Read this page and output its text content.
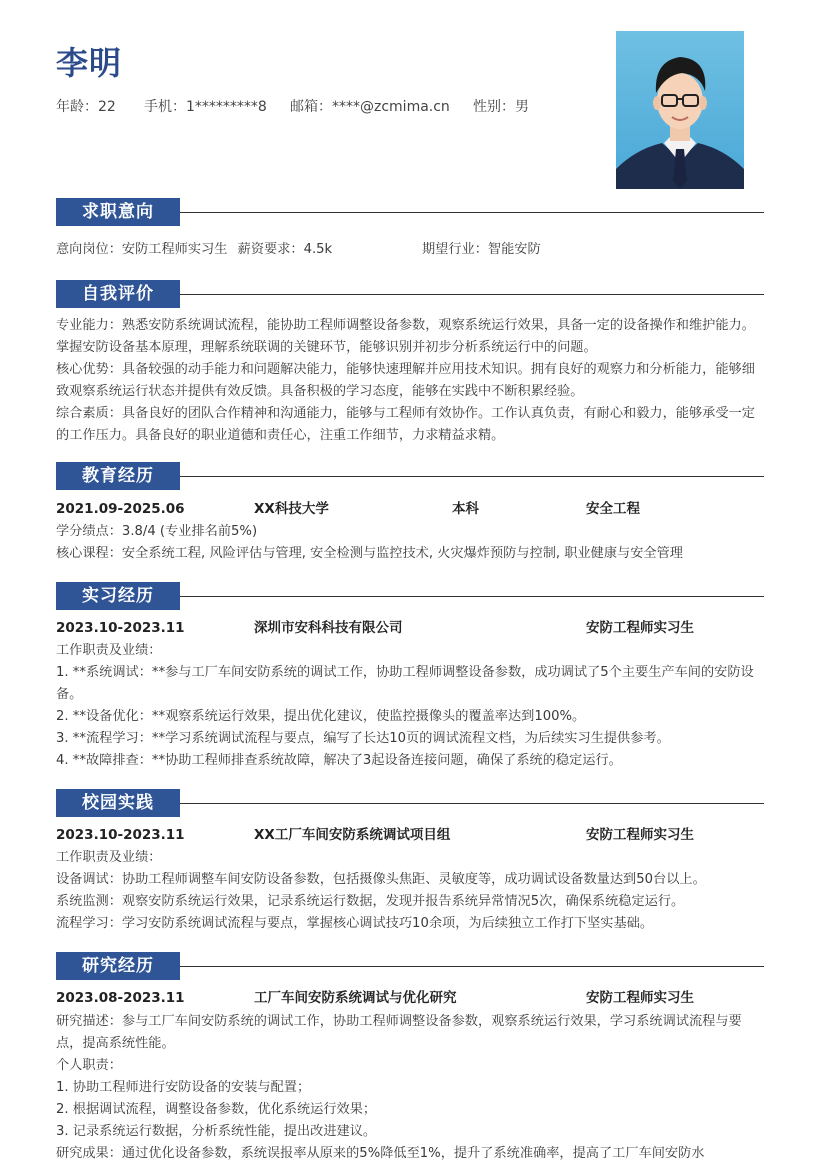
李明
年龄：22 手机：1*********8 邮箱：****@zcmima.cn 性别：男
求职意向
意向岗位：安防工程师实习生 薪资要求：4.5k	期望行业：智能安防
自我评价
专业能力：熟悉安防系统调试流程，能协助工程师调整设备参数，观察系统运行效果，具备一定的设备操作和维护能力。掌握安防设备基本原理，理解系统联调的关键环节，能够识别并初步分析系统运行中的问题。
核心优势：具备较强的动手能力和问题解决能力，能够快速理解并应用技术知识。拥有良好的观察力和分析能力，能够细致观察系统运行状态并提供有效反馈。具备积极的学习态度，能够在实践中不断积累经验。
综合素质：具备良好的团队合作精神和沟通能力，能够与工程师有效协作。工作认真负责，有耐心和毅力，能够承受一定的工作压力。具备良好的职业道德和责任心，注重工作细节，力求精益求精。
教育经历
2021.09-2025.06	XX科技大学	本科	安全工程
学分绩点：3.8/4 (专业排名前5%)
核心课程：安全系统工程, 风险评估与管理, 安全检测与监控技术, 火灾爆炸预防与控制, 职业健康与安全管理
实习经历
2023.10-2023.11	深圳市安科科技有限公司	安防工程师实习生
工作职责及业绩：
1. **系统调试：**参与工厂车间安防系统的调试工作，协助工程师调整设备参数，成功调试了5个主要生产车间的安防设备。
2. **设备优化：**观察系统运行效果，提出优化建议，使监控摄像头的覆盖率达到100%。
3. **流程学习：**学习系统调试流程与要点，编写了长达10页的调试流程文档，为后续实习生提供参考。
4. **故障排查：**协助工程师排查系统故障，解决了3起设备连接问题，确保了系统的稳定运行。
校园实践
2023.10-2023.11	XX工厂车间安防系统调试项目组	安防工程师实习生
工作职责及业绩：
设备调试：协助工程师调整车间安防设备参数，包括摄像头焦距、灵敏度等，成功调试设备数量达到50台以上。
系统监测：观察安防系统运行效果，记录系统运行数据，发现并报告系统异常情况5次，确保系统稳定运行。
流程学习：学习安防系统调试流程与要点，掌握核心调试技巧10余项，为后续独立工作打下坚实基础。
研究经历
2023.08-2023.11	工厂车间安防系统调试与优化研究	安防工程师实习生
研究描述：参与工厂车间安防系统的调试工作，协助工程师调整设备参数，观察系统运行效果，学习系统调试流程与要点，提高系统性能。
个人职责：
1. 协助工程师进行安防设备的安装与配置；
2. 根据调试流程，调整设备参数，优化系统运行效果；
3. 记录系统运行数据，分析系统性能，提出改进建议。
研究成果：通过优化设备参数，系统误报率从原来的5%降低至1%，提升了系统准确率，提高了工厂车间安防水
